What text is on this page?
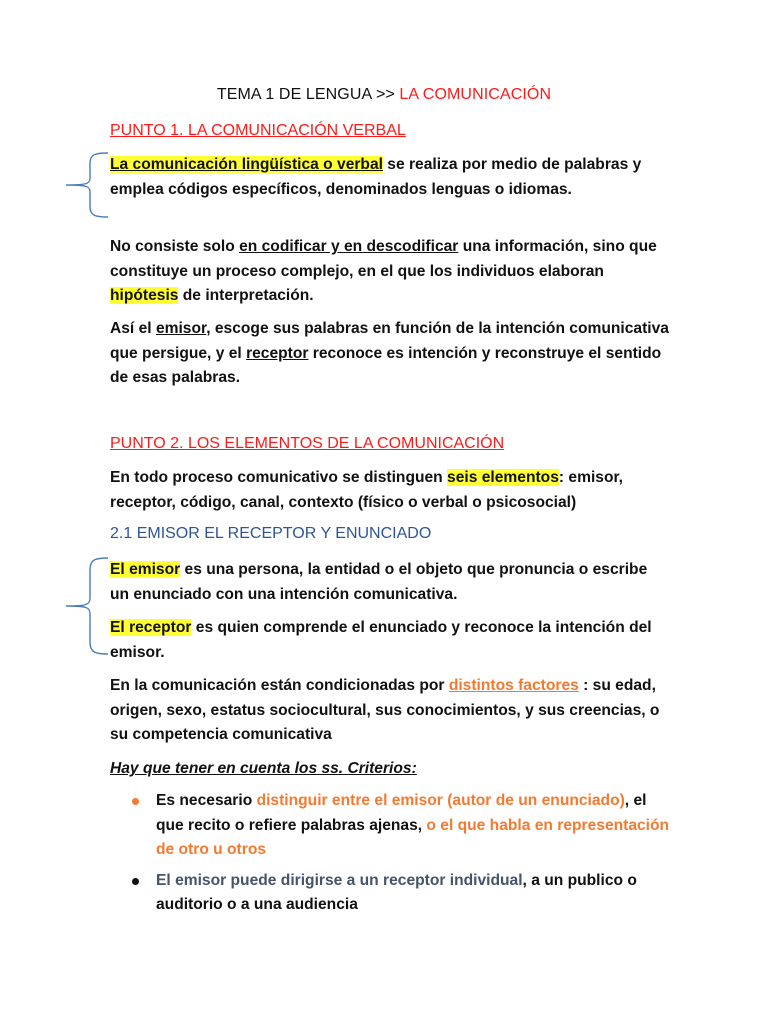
TEMA 1 DE LENGUA >> LA COMUNICACIÓN
PUNTO 1. LA COMUNICACIÓN VERBAL
La comunicación lingüística o verbal se realiza por medio de palabras y emplea códigos específicos, denominados lenguas o idiomas.
No consiste solo en codificar y en descodificar una información, sino que constituye un proceso complejo, en el que los individuos elaboran hipótesis de interpretación.
Así el emisor, escoge sus palabras en función de la intención comunicativa que persigue, y el receptor reconoce es intención y reconstruye el sentido de esas palabras.
PUNTO 2. LOS ELEMENTOS DE LA COMUNICACIÓN
En todo proceso comunicativo se distinguen seis elementos: emisor, receptor, código, canal, contexto (físico o verbal o psicosocial)
2.1 EMISOR EL RECEPTOR Y ENUNCIADO
El emisor es una persona, la entidad o el objeto que pronuncia o escribe un enunciado con una intención comunicativa.
El receptor es quien comprende el enunciado y reconoce la intención del emisor.
En la comunicación están condicionadas por distintos factores : su edad, origen, sexo, estatus sociocultural, sus conocimientos, y sus creencias, o su competencia comunicativa
Hay que tener en cuenta los ss. Criterios:
Es necesario distinguir entre el emisor (autor de un enunciado), el que recito o refiere palabras ajenas, o el que habla en representación de otro u otros
El emisor puede dirigirse a un receptor individual, a un publico o auditorio o a una audiencia
